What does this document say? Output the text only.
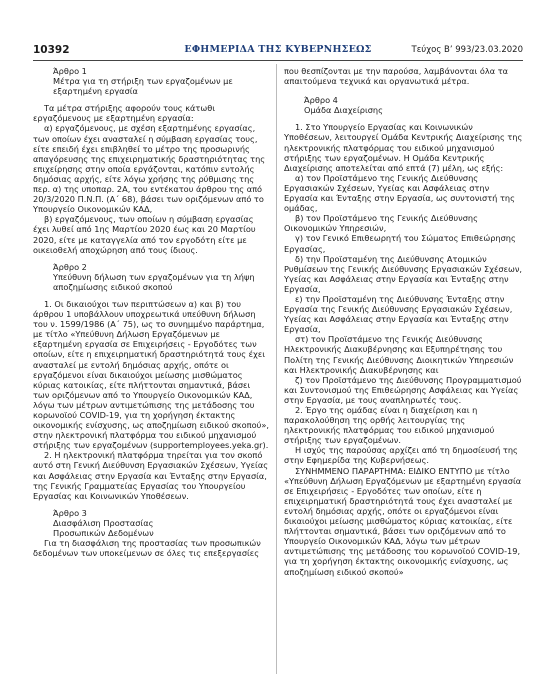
10392	ΕΦΗΜΕΡΙΔΑ ΤΗΣ ΚΥΒΕΡΝΗΣΕΩΣ	Τεύχος B’ 993/23.03.2020

Άρθρο 1

Μέτρα για τη στήριξη των εργαζομένων με εξαρτημένη εργασία

Τα μέτρα στήριξης αφορούν τους κάτωθι εργαζόμενους με εξαρτημένη εργασία:

α) εργαζόμενους, με σχέση εξαρτημένης εργασίας, των οποίων έχει ανασταλεί η σύμβαση εργασίας τους, είτε επειδή έχει επιβληθεί το μέτρο της προσωρινής απαγόρευσης της επιχειρηματικής δραστηριότητας της επιχείρησης στην οποία εργάζονται, κατόπιν εντολής δημόσιας αρχής, είτε λόγω χρήσης της ρύθμισης της περ. α) της υποπαρ. 2Α, του εντέκατου άρθρου της από 20/3/2020 Π.Ν.Π. (Α΄ 68), βάσει των οριζόμενων από το Υπουργείο Οικονομικών ΚΑΔ,

β) εργαζόμενους, των οποίων η σύμβαση εργασίας έχει λυθεί από 1ης Μαρτίου 2020 έως και 20 Μαρτίου 2020, είτε με καταγγελία από τον εργοδότη είτε με οικειοθελή αποχώρηση από τους ίδιους.

Άρθρο 2

Υπεύθυνη δήλωση των εργαζομένων για τη λήψη αποζημίωσης ειδικού σκοπού

1. Οι δικαιούχοι των περιπτώσεων α) και β) του άρθρου 1 υποβάλλουν υποχρεωτικά υπεύθυνη δήλωση του ν. 1599/1986 (Α΄ 75), ως το συνημμένο παράρτημα, με τίτλο «Υπεύθυνη Δήλωση Εργαζόμενων με εξαρτημένη εργασία σε Επιχειρήσεις - Εργοδότες των οποίων, είτε η επιχειρηματική δραστηριότητά τους έχει ανασταλεί με εντολή δημόσιας αρχής, οπότε οι εργαζόμενοι είναι δικαιούχοι μείωσης μισθώματος κύριας κατοικίας, είτε πλήττονται σημαντικά, βάσει των οριζόμενων από το Υπουργείο Οικονομικών ΚΑΔ, λόγω των μέτρων αντιμετώπισης της μετάδοσης του κορωνοϊού COVID-19, για τη χορήγηση έκτακτης οικονομικής ενίσχυσης, ως αποζημίωση ειδικού σκοπού», στην ηλεκτρονική πλατφόρμα του ειδικού μηχανισμού στήριξης των εργαζομένων (supportemployees.yeka.gr).

2. Η ηλεκτρονική πλατφόρμα τηρείται για τον σκοπό αυτό στη Γενική Διεύθυνση Εργασιακών Σχέσεων, Υγείας και Ασφάλειας στην Εργασία και Ένταξης στην Εργασία, της Γενικής Γραμματείας Εργασίας του Υπουργείου Εργασίας και Κοινωνικών Υποθέσεων.

Άρθρο 3

Διασφάλιση Προστασίας

Προσωπικών Δεδομένων

Για τη διασφάλιση της προστασίας των προσωπικών δεδομένων των υποκείμενων σε όλες τις επεξεργασίες

που θεσπίζονται με την παρούσα, λαμβάνονται όλα τα απαιτούμενα τεχνικά και οργανωτικά μέτρα.

Άρθρο 4

Ομάδα Διαχείρισης

1. Στο Υπουργείο Εργασίας και Κοινωνικών Υποθέσεων, λειτουργεί Ομάδα Κεντρικής Διαχείρισης της ηλεκτρονικής πλατφόρμας του ειδικού μηχανισμού στήριξης των εργαζομένων. Η Ομάδα Κεντρικής Διαχείρισης αποτελείται από επτά (7) μέλη, ως εξής:

α) τον Προϊστάμενο της Γενικής Διεύθυνσης Εργασιακών Σχέσεων, Υγείας και Ασφάλειας στην Εργασία και Ένταξης στην Εργασία, ως συντονιστή της ομάδας,

β) τον Προϊστάμενο της Γενικής Διεύθυνσης Οικονομικών Υπηρεσιών,

γ) τον Γενικό Επιθεωρητή του Σώματος Επιθεώρησης Εργασίας,

δ) την Προϊσταμένη της Διεύθυνσης Ατομικών Ρυθμίσεων της Γενικής Διεύθυνσης Εργασιακών Σχέσεων, Υγείας και Ασφάλειας στην Εργασία και Ένταξης στην Εργασία,

ε) την Προϊσταμένη της Διεύθυνσης Ένταξης στην Εργασία της Γενικής Διεύθυνσης Εργασιακών Σχέσεων, Υγείας και Ασφάλειας στην Εργασία και Ένταξης στην Εργασία,

στ) τον Προϊστάμενο της Γενικής Διεύθυνσης Ηλεκτρονικής Διακυβέρνησης και Εξυπηρέτησης του Πολίτη της Γενικής Διεύθυνσης Διοικητικών Υπηρεσιών και Ηλεκτρονικής Διακυβέρνησης και

ζ) τον Προϊστάμενο της Διεύθυνσης Προγραμματισμού και Συντονισμού της Επιθεώρησης Ασφάλειας και Υγείας στην Εργασία, με τους αναπληρωτές τους.

2. Έργο της ομάδας είναι η διαχείριση και η παρακολούθηση της ορθής λειτουργίας της ηλεκτρονικής πλατφόρμας του ειδικού μηχανισμού στήριξης των εργαζομένων.

Η ισχύς της παρούσας αρχίζει από τη δημοσίευσή της στην Εφημερίδα της Κυβερνήσεως.

ΣΥΝΗΜΜΕΝΟ ΠΑΡΑΡΤΗΜΑ: ΕΙΔΙΚΟ ΕΝΤΥΠΟ με τίτλο «Υπεύθυνη Δήλωση Εργαζόμενων με εξαρτημένη εργασία σε Επιχειρήσεις - Εργοδότες των οποίων, είτε η επιχειρηματική δραστηριότητά τους έχει ανασταλεί με εντολή δημόσιας αρχής, οπότε οι εργαζόμενοι είναι δικαιούχοι μείωσης μισθώματος κύριας κατοικίας, είτε πλήττονται σημαντικά, βάσει των οριζόμενων από το Υπουργείο Οικονομικών ΚΑΔ, λόγω των μέτρων αντιμετώπισης της μετάδοσης του κορωνοϊού COVID-19, για τη χορήγηση έκτακτης οικονομικής ενίσχυσης, ως αποζημίωση ειδικού σκοπού»
